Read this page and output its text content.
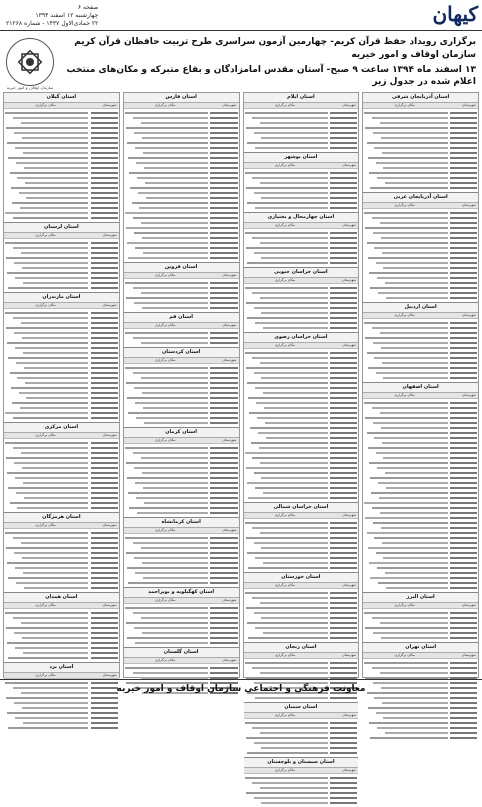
کیهان
صفحه ۶
چهارشنبه ۱۲ اسفند ۱۳۹۴
۲۲ جمادی‌الاول ۱۴۳۷ - شماره ۲۱۲۶۸
سازمان اوقاف و امور خیریه
برگزاری رویداد حفظ قرآن کریم- چهارمین آزمون سراسری طرح تربیت حافظان قرآن کریم سازمان اوقاف و امور خیریه
۱۳ اسفند ماه ۱۳۹۴ ساعت ۹ صبح- آستان مقدس امامزادگان و بقاع متبرکه و مکان‌های منتخب اعلام شده در جدول زیر
استان آذربایجان شرقی
شهرستان
مکان برگزاری
استان آذربایجان غربی
شهرستان
مکان برگزاری
استان اردبیل
شهرستان
مکان برگزاری
استان اصفهان
شهرستان
مکان برگزاری
استان البرز
شهرستان
مکان برگزاری
استان تهران
شهرستان
مکان برگزاری
استان ایلام
شهرستان
مکان برگزاری
استان بوشهر
شهرستان
مکان برگزاری
استان چهارمحال و بختیاری
شهرستان
مکان برگزاری
استان خراسان جنوبی
شهرستان
مکان برگزاری
استان خراسان رضوی
شهرستان
مکان برگزاری
استان خراسان شمالی
شهرستان
مکان برگزاری
استان خوزستان
شهرستان
مکان برگزاری
استان زنجان
شهرستان
مکان برگزاری
استان سمنان
شهرستان
مکان برگزاری
استان سیستان و بلوچستان
شهرستان
مکان برگزاری
استان فارس
شهرستان
مکان برگزاری
استان قزوین
شهرستان
مکان برگزاری
استان قم
شهرستان
مکان برگزاری
استان کردستان
شهرستان
مکان برگزاری
استان کرمان
شهرستان
مکان برگزاری
استان کرمانشاه
شهرستان
مکان برگزاری
استان کهگیلویه و بویراحمد
شهرستان
مکان برگزاری
استان گلستان
شهرستان
مکان برگزاری
استان گیلان
شهرستان
مکان برگزاری
استان لرستان
شهرستان
مکان برگزاری
استان مازندران
شهرستان
مکان برگزاری
استان مرکزی
شهرستان
مکان برگزاری
استان هرمزگان
شهرستان
مکان برگزاری
استان همدان
شهرستان
مکان برگزاری
استان یزد
شهرستان
مکان برگزاری
معاونت فرهنگی و اجتماعی سازمان اوقاف و امور خیریه
